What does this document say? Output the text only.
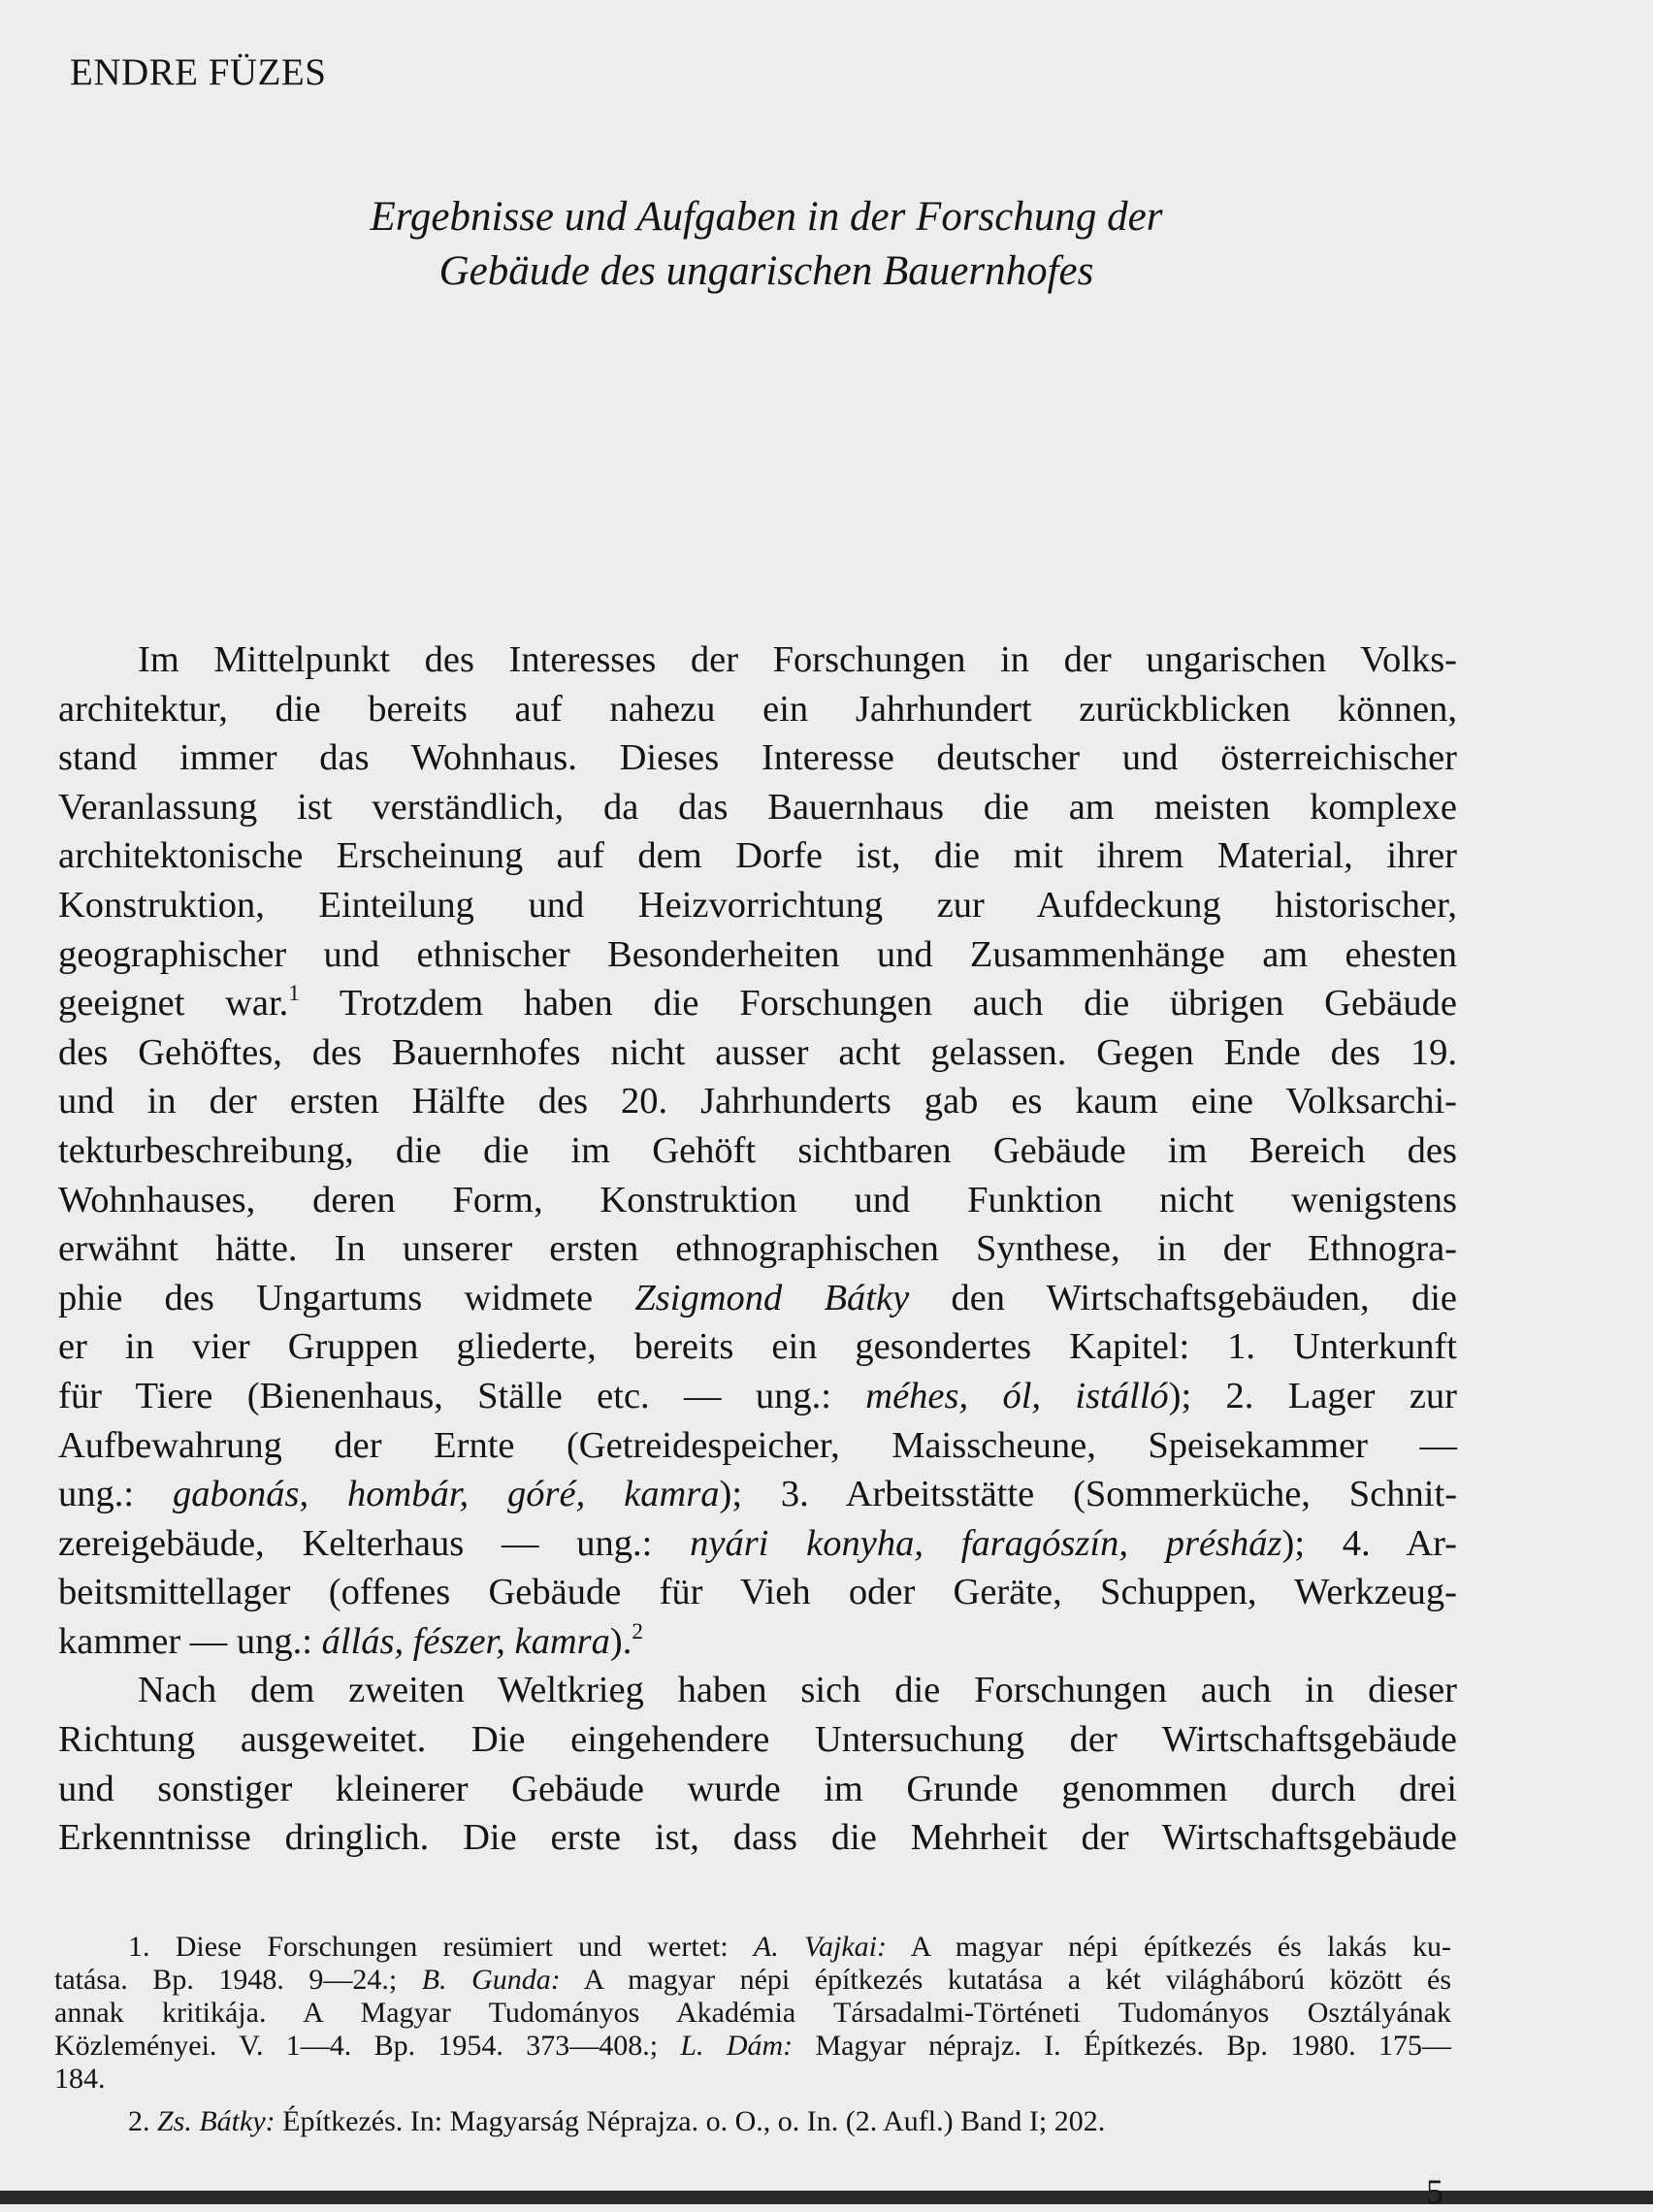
ENDRE FÜZES
Ergebnisse und Aufgaben in der Forschung der
Gebäude des ungarischen Bauernhofes
Im Mittelpunkt des Interesses der Forschungen in der ungarischen Volks-
architektur, die bereits auf nahezu ein Jahrhundert zurückblicken können,
stand immer das Wohnhaus. Dieses Interesse deutscher und österreichischer
Veranlassung ist verständlich, da das Bauernhaus die am meisten komplexe
architektonische Erscheinung auf dem Dorfe ist, die mit ihrem Material, ihrer
Konstruktion, Einteilung und Heizvorrichtung zur Aufdeckung historischer,
geographischer und ethnischer Besonderheiten und Zusammenhänge am ehesten
geeignet war.$^1$ Trotzdem haben die Forschungen auch die übrigen Gebäude
des Gehöftes, des Bauernhofes nicht ausser acht gelassen. Gegen Ende des 19.
und in der ersten Hälfte des 20. Jahrhunderts gab es kaum eine Volksarchi-
tekturbeschreibung, die die im Gehöft sichtbaren Gebäude im Bereich des
Wohnhauses, deren Form, Konstruktion und Funktion nicht wenigstens
erwähnt hätte. In unserer ersten ethnographischen Synthese, in der Ethnogra-
phie des Ungartums widmete Zsigmond Bátky den Wirtschaftsgebäuden, die
er in vier Gruppen gliederte, bereits ein gesondertes Kapitel: 1. Unterkunft
für Tiere (Bienenhaus, Ställe etc. — ung.: méhes, ól, istálló); 2. Lager zur
Aufbewahrung der Ernte (Getreidespeicher, Maisscheune, Speisekammer —
ung.: gabonás, hombár, góré, kamra); 3. Arbeitsstätte (Sommerküche, Schnit-
zereigebäude, Kelterhaus — ung.: nyári konyha, faragószín, présház); 4. Ar-
beitsmittellager (offenes Gebäude für Vieh oder Geräte, Schuppen, Werkzeug-
kammer — ung.: állás, fészer, kamra).$^2$
Nach dem zweiten Weltkrieg haben sich die Forschungen auch in dieser
Richtung ausgeweitet. Die eingehendere Untersuchung der Wirtschaftsgebäude
und sonstiger kleinerer Gebäude wurde im Grunde genommen durch drei
Erkenntnisse dringlich. Die erste ist, dass die Mehrheit der Wirtschaftsgebäude
1. Diese Forschungen resümiert und wertet: A. Vajkai: A magyar népi építkezés és lakás ku-
tatása. Bp. 1948. 9—24.; B. Gunda: A magyar népi építkezés kutatása a két világháború között és
annak kritikája. A Magyar Tudományos Akadémia Társadalmi-Történeti Tudományos Osztályának
Közleményei. V. 1—4. Bp. 1954. 373—408.; L. Dám: Magyar néprajz. I. Építkezés. Bp. 1980. 175—
184.
2. Zs. Bátky: Építkezés. In: Magyarság Néprajza. o. O., o. In. (2. Aufl.) Band I; 202.
5
